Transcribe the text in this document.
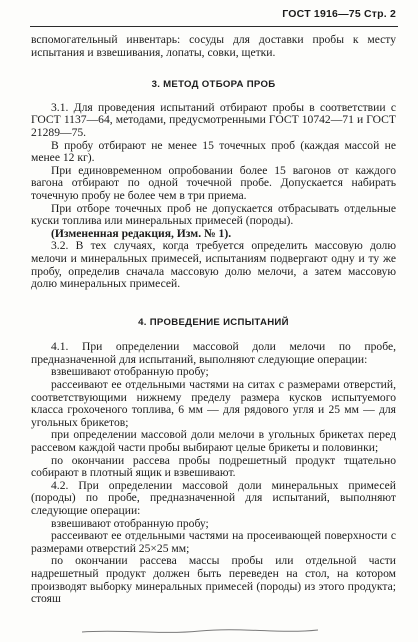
ГОСТ 1916—75 Стр. 2

вспомогательный инвентарь: сосуды для доставки пробы к месту испытания и взвешивания, лопаты, совки, щетки.

3. МЕТОД ОТБОРА ПРОБ

3.1. Для проведения испытаний отбирают пробы в соответствии с ГОСТ 1137—64, методами, предусмотренными ГОСТ 10742—71 и ГОСТ 21289—75.

В пробу отбирают не менее 15 точечных проб (каждая массой не менее 12 кг).

При единовременном опробовании более 15 вагонов от каждого вагона отбирают по одной точечной пробе. Допускается набирать точечную пробу не более чем в три приема.

При отборе точечных проб не допускается отбрасывать отдельные куски топлива или минеральных примесей (породы).

(Измененная редакция, Изм. № 1).

3.2. В тех случаях, когда требуется определить массовую долю мелочи и минеральных примесей, испытаниям подвергают одну и ту же пробу, определив сначала массовую долю мелочи, а затем массовую долю минеральных примесей.

4. ПРОВЕДЕНИЕ ИСПЫТАНИЙ

4.1. При определении массовой доли мелочи по пробе, предназначенной для испытаний, выполняют следующие операции:

взвешивают отобранную пробу;

рассеивают ее отдельными частями на ситах с размерами отверстий, соответствующими нижнему пределу размера кусков испытуемого класса грохоченого топлива, 6 мм — для рядового угля и 25 мм — для угольных брикетов;

при определении массовой доли мелочи в угольных брикетах перед рассевом каждой части пробы выбирают целые брикеты и половинки;

по окончании рассева пробы подрешетный продукт тщательно собирают в плотный ящик и взвешивают.

4.2. При определении массовой доли минеральных примесей (породы) по пробе, предназначенной для испытаний, выполняют следующие операции:

взвешивают отобранную пробу;

рассеивают ее отдельными частями на просеивающей поверхности с размерами отверстий 25×25 мм;

по окончании рассева массы пробы или отдельной части надрешетный продукт должен быть переведен на стол, на котором производят выборку минеральных примесей (породы) из этого продукта; стояш
